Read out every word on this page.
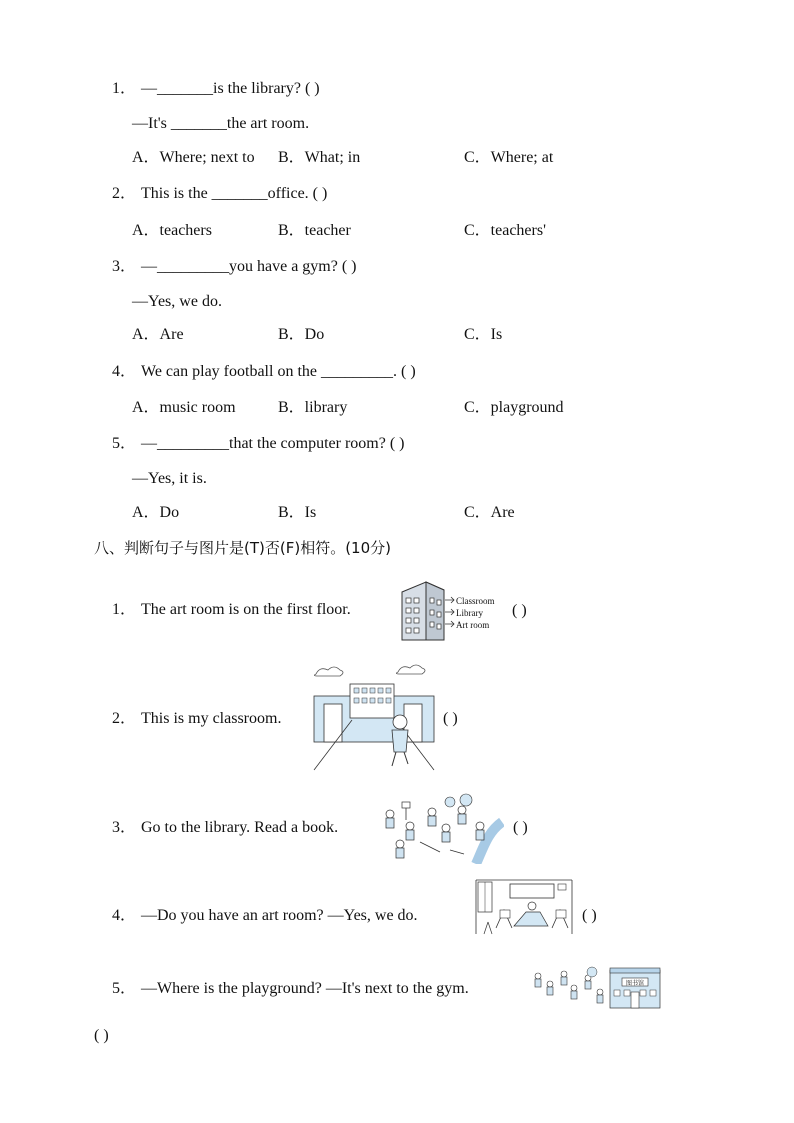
1． —_______is the library? ( )
—It's _______the art room.
A．Where; next to B．What; in	C．Where; at
2． This is the _______office. ( )
A．teachers	B．teacher	C．teachers'
3． —_________you have a gym? ( )
—Yes, we do.
A．Are	B．Do	C．Is
4． We can play football on the _________. ( )
A．music room	B．library	C．playground
5． —_________that the computer room? ( )
—Yes, it is.
A．Do	B．Is	C．Are
八、判断句子与图片是(T)否(F)相符。(10分)
1． The art room is on the first floor.	Classroom
Library
Art room
( )
2． This is my classroom.	( )
3． Go to the library. Read a book.	( )
4． —Do you have an art room? —Yes, we do.	( )
5． —Where is the playground? —It's next to the gym.	图书馆
( )
